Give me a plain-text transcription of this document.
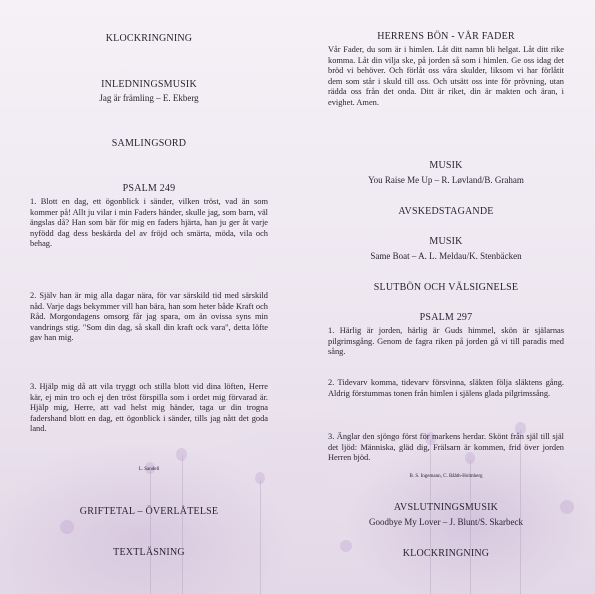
KLOCKRINGNING
INLEDNINGSMUSIK
Jag är främling – E. Ekberg
SAMLINGSORD
PSALM 249

1. Blott en dag, ett ögonblick i sänder, vilken tröst, vad än som kommer på! Allt ju vilar i min Faders händer, skulle jag, som barn, väl ängslas då? Han som bär för mig en faders hjärta, han ju ger åt varje nyfödd dag dess beskärda del av fröjd och smärta, möda, vila och behag.

2. Själv han är mig alla dagar nära, för var särskild tid med särskild nåd. Varje dags bekymmer vill han bära, han som heter både Kraft och Råd. Morgondagens omsorg får jag spara, om än ovissa syns min vandrings stig. "Som din dag, så skall din kraft ock vara", detta löfte gav han mig.

3. Hjälp mig då att vila tryggt och stilla blott vid dina löften, Herre kär, ej min tro och ej den tröst förspilla som i ordet mig förvarad är. Hjälp mig, Herre, att vad helst mig händer, taga ur din trogna fadershand blott en dag, ett ögonblick i sänder, tills jag nått det goda land.

L. Sandell
GRIFTETAL – ÖVERLÅTELSE
TEXTLÄSNING
HERRENS BÖN - VÅR FADER

Vår Fader, du som är i himlen. Låt ditt namn bli helgat. Låt ditt rike komma. Låt din vilja ske, på jorden så som i himlen. Ge oss idag det bröd vi behöver. Och förlåt oss våra skulder, liksom vi har förlåtit dem som står i skuld till oss. Och utsätt oss inte för prövning, utan rädda oss från det onda. Ditt är riket, din är makten och äran, i evighet. Amen.

MUSIK
You Raise Me Up – R. Løvland/B. Graham
AVSKEDSTAGANDE
MUSIK
Same Boat – A. L. Meldau/K. Stenbäcken
SLUTBÖN OCH VÄLSIGNELSE
PSALM 297

1. Härlig är jorden, härlig är Guds himmel, skön är själarnas pilgrimsgång. Genom de fagra riken på jorden gå vi till paradis med sång.

2. Tidevarv komma, tidevarv försvinna, släkten följa släktens gång. Aldrig förstummas tonen från himlen i själens glada pilgrimssång.

3. Änglar den sjöngo först för markens herdar. Skönt från själ till själ det ljöd: Människa, gläd dig, Frälsarn är kommen, frid över jorden Herren bjöd.

B. S. Ingemann, C. Bååth-Holmberg
AVSLUTNINGSMUSIK
Goodbye My Lover – J. Blunt/S. Skarbeck
KLOCKRINGNING
